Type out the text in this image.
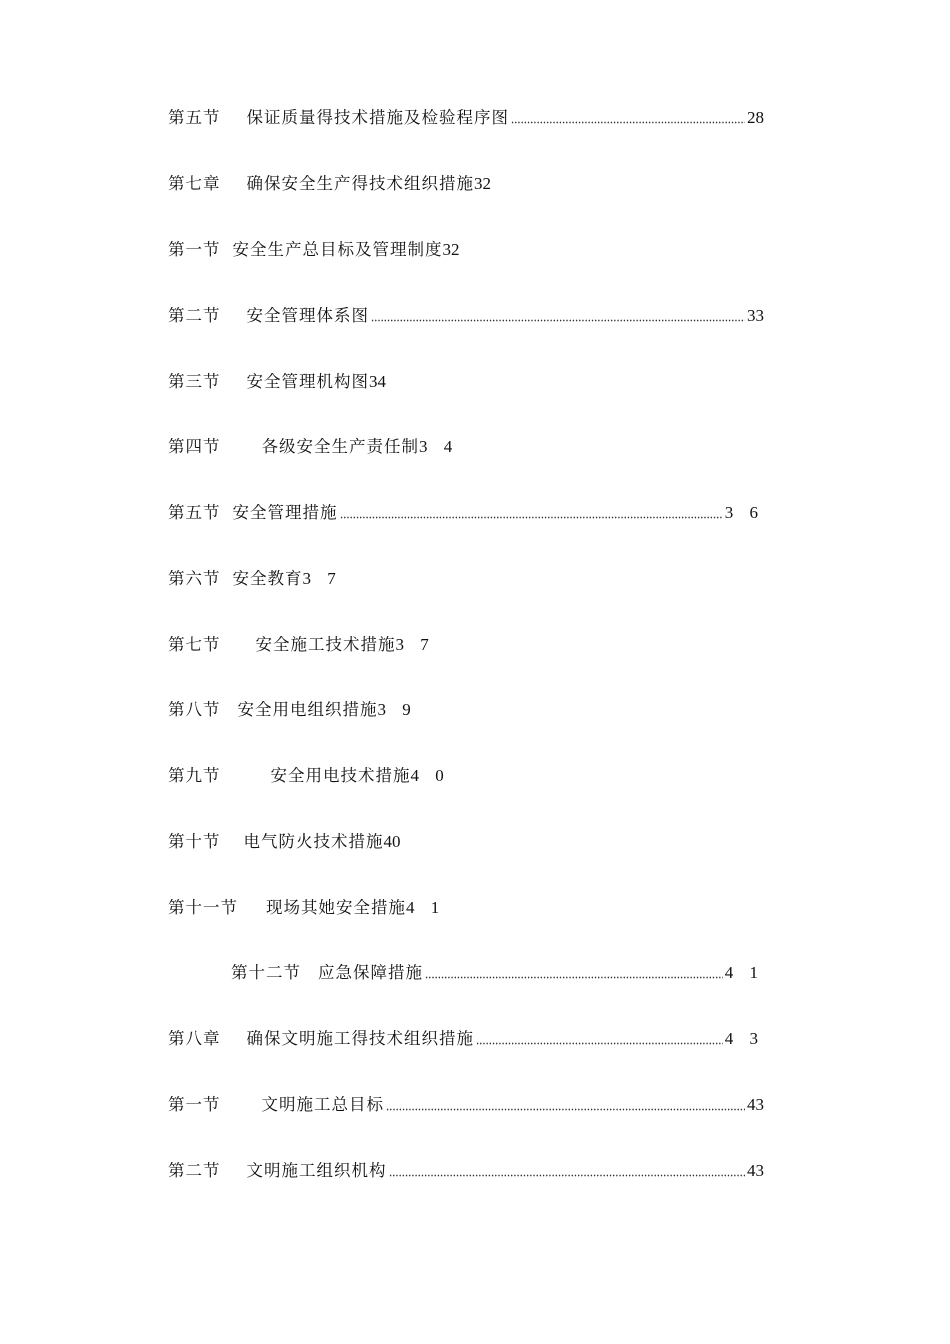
第五节 保证质量得技术措施及检验程序图	28
第七章 确保安全生产得技术组织措施 32
第一节 安全生产总目标及管理制度 32
第二节 安全管理体系图	33
第三节 安全管理机构图 34
第四节 各级安全生产责任制 3 4
第五节 安全管理措施	3 6
第六节 安全教育 3 7
第七节 安全施工技术措施 3 7
第八节 安全用电组织措施 3 9
第九节	安全用电技术措施 4 0
第十节 电气防火技术措施 40
第十一节 现场其她安全措施 4 1
第十二节 应急保障措施	4 1
第八章 确保文明施工得技术组织措施	4 3
第一节 文明施工总目标	43
第二节 文明施工组织机构	43
